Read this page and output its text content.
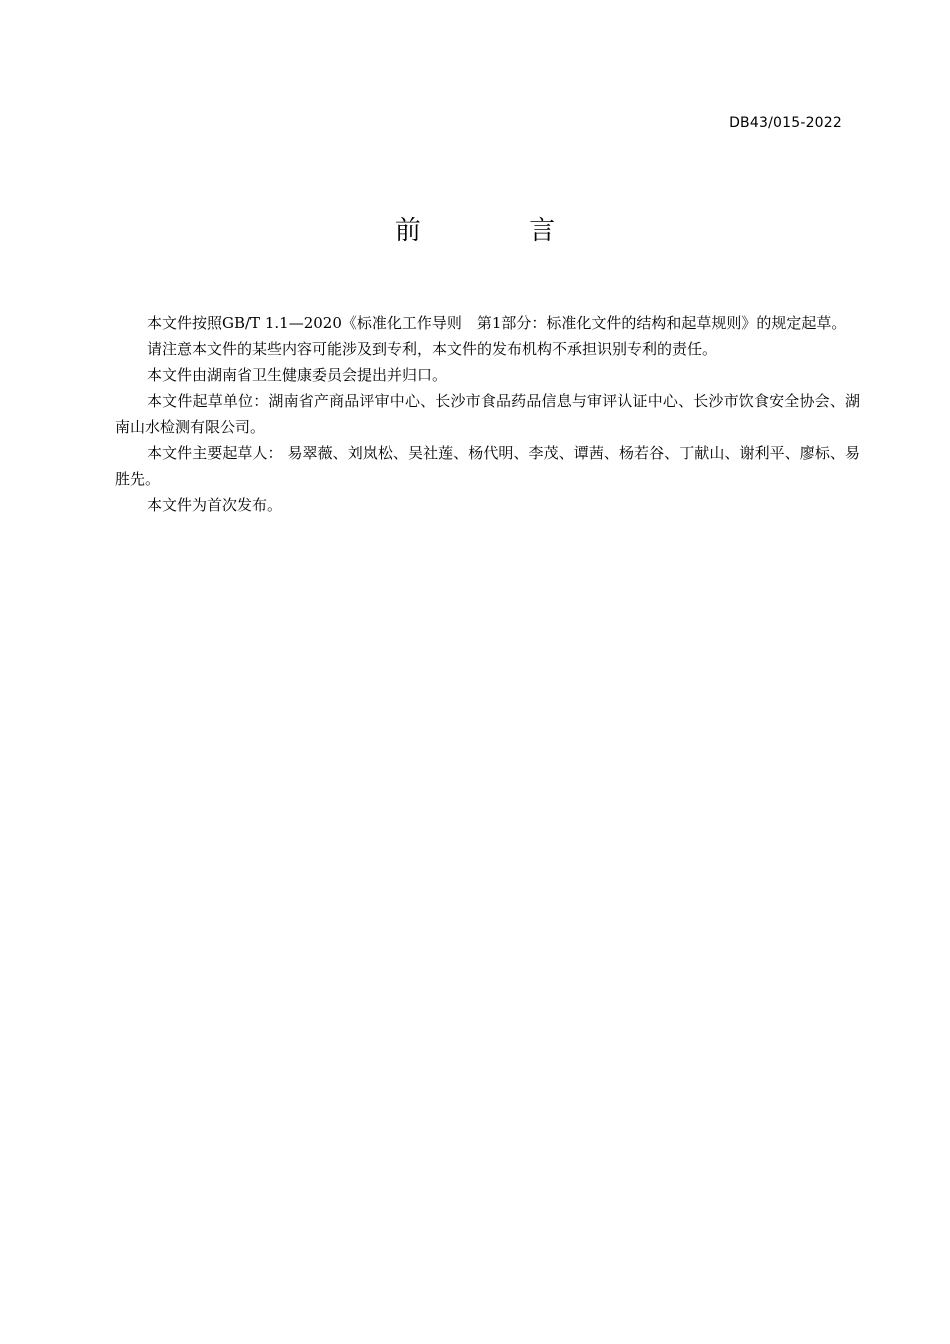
DB43/015-2022
前 言

本文件按照GB/T 1.1—2020《标准化工作导则　第1部分：标准化文件的结构和起草规则》的规定起草。

请注意本文件的某些内容可能涉及到专利，本文件的发布机构不承担识别专利的责任。

本文件由湖南省卫生健康委员会提出并归口。

本文件起草单位：湖南省产商品评审中心、长沙市食品药品信息与审评认证中心、长沙市饮食安全协会、湖南山水检测有限公司。

本文件主要起草人： 易翠薇、刘岚松、吴社莲、杨代明、李茂、谭茜、杨若谷、丁献山、谢利平、廖标、易胜先。

本文件为首次发布。
